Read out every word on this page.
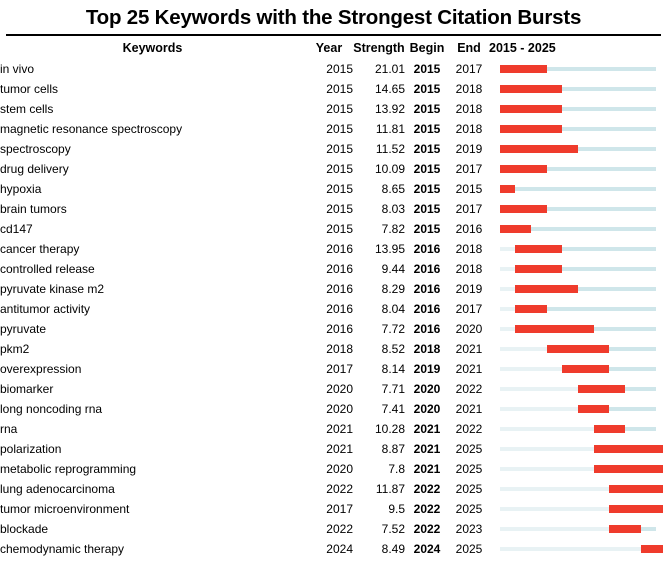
Top 25 Keywords with the Strongest Citation Bursts
Keywords	Year	Strength	Begin	End	2015 - 2025
in vivo	2015	21.01	2015	2017	

tumor cells	2015	14.65	2015	2018	

stem cells	2015	13.92	2015	2018	

magnetic resonance spectroscopy	2015	11.81	2015	2018	

spectroscopy	2015	11.52	2015	2019	

drug delivery	2015	10.09	2015	2017	

hypoxia	2015	8.65	2015	2015	

brain tumors	2015	8.03	2015	2017	

cd147	2015	7.82	2015	2016	

cancer therapy	2016	13.95	2016	2018	

controlled release	2016	9.44	2016	2018	

pyruvate kinase m2	2016	8.29	2016	2019	

antitumor activity	2016	8.04	2016	2017	

pyruvate	2016	7.72	2016	2020	

pkm2	2018	8.52	2018	2021	

overexpression	2017	8.14	2019	2021	

biomarker	2020	7.71	2020	2022	

long noncoding rna	2020	7.41	2020	2021	

rna	2021	10.28	2021	2022	

polarization	2021	8.87	2021	2025	

metabolic reprogramming	2020	7.8	2021	2025	

lung adenocarcinoma	2022	11.87	2022	2025	

tumor microenvironment	2017	9.5	2022	2025	

blockade	2022	7.52	2022	2023	

chemodynamic therapy	2024	8.49	2024	2025	
